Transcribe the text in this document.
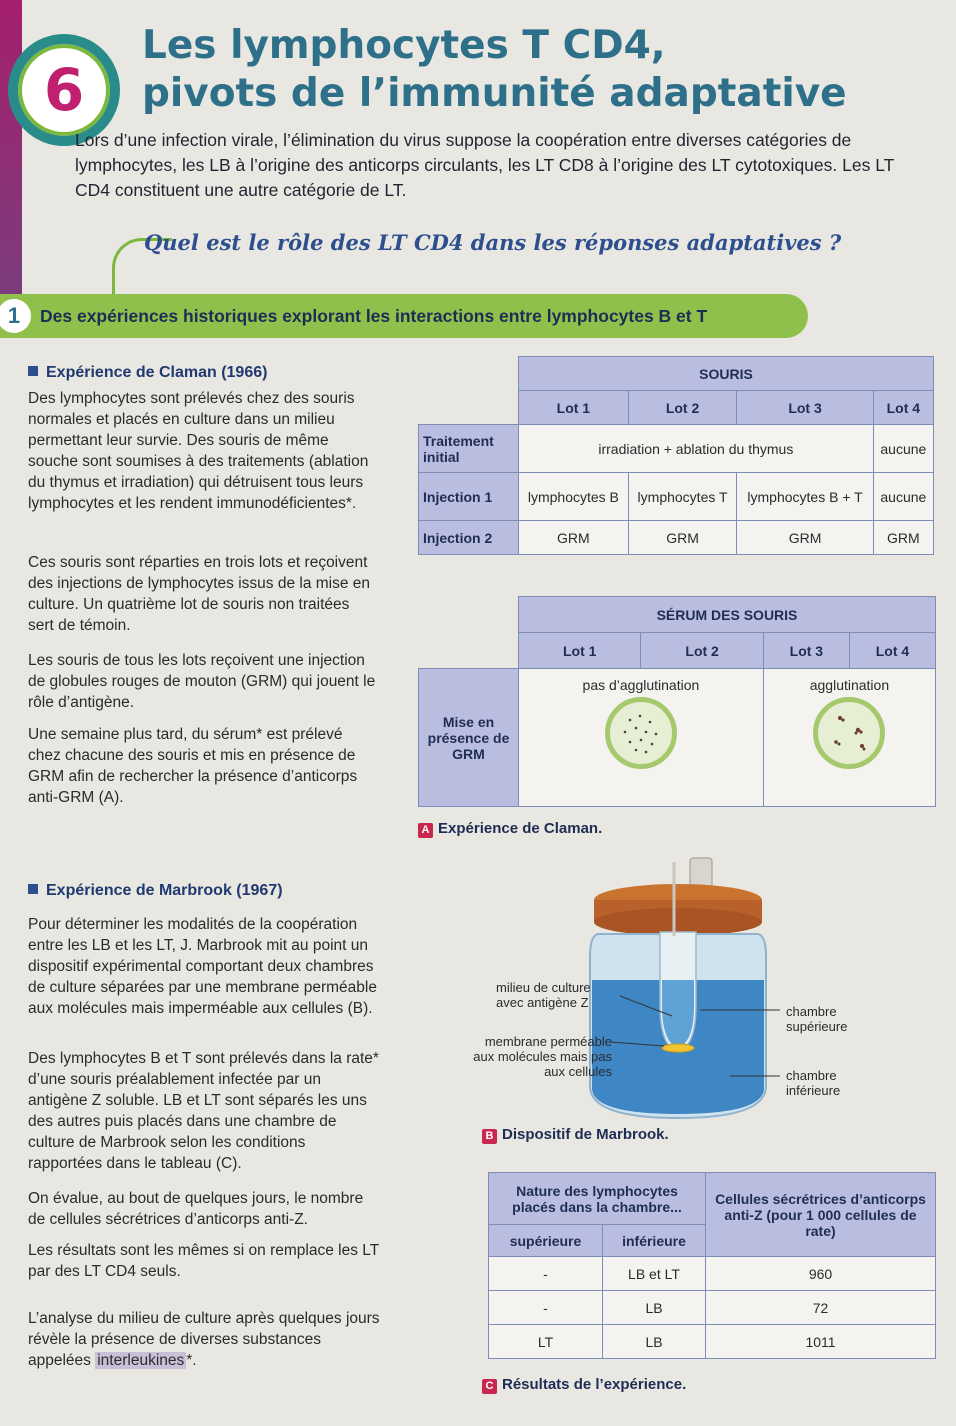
6
Les lymphocytes T CD4,
pivots de l’immunité adaptative

Lors d’une infection virale, l’élimination du virus suppose la coopération entre diverses catégories de lymphocytes, les LB à l’origine des anticorps circulants, les LT CD8 à l’origine des LT cytotoxiques. Les LT CD4 constituent une autre catégorie de LT.

Quel est le rôle des LT CD4 dans les réponses adaptatives ?
1	Des expériences historiques explorant les interactions entre lymphocytes B et T
Expérience de Claman (1966)

Des lymphocytes sont prélevés chez des souris normales et placés en culture dans un milieu permettant leur survie. Des souris de même souche sont soumises à des traitements (ablation du thymus et irradiation) qui détruisent tous leurs lymphocytes et les rendent immunodéficientes*.

Ces souris sont réparties en trois lots et reçoivent des injections de lymphocytes issus de la mise en culture. Un quatrième lot de souris non traitées sert de témoin.

Les souris de tous les lots reçoivent une injection de globules rouges de mouton (GRM) qui jouent le rôle d’antigène.

Une semaine plus tard, du sérum* est prélevé chez chacune des souris et mis en présence de GRM afin de rechercher la présence d’anticorps anti-GRM (A).

	SOURIS			
	Lot 1	Lot 2	Lot 3	Lot 4
Traitement initial	irradiation + ablation du thymus			aucune
Injection 1	lymphocytes B	lymphocytes T	lymphocytes B + T	aucune
Injection 2	GRM	GRM	GRM	GRM
	SÉRUM DES SOURIS			
	Lot 1	Lot 2	Lot 3	Lot 4
Mise en présence de GRM	pas d’agglutination		agglutination	
A Expérience de Claman.
Expérience de Marbrook (1967)

Pour déterminer les modalités de la coopération entre les LB et les LT, J. Marbrook mit au point un dispositif expérimental comportant deux chambres de culture séparées par une membrane perméable aux molécules mais imperméable aux cellules (B).

Des lymphocytes B et T sont prélevés dans la rate* d’une souris préalablement infectée par un antigène Z soluble. LB et LT sont séparés les uns des autres puis placés dans une chambre de culture de Marbrook selon les conditions rapportées dans le tableau (C).

On évalue, au bout de quelques jours, le nombre de cellules sécrétrices d’anticorps anti-Z.

Les résultats sont les mêmes si on remplace les LT par des LT CD4 seuls.

L’analyse du milieu de culture après quelques jours révèle la présence de diverses substances appelées interleukines *.

milieu de culture avec antigène Z
membrane perméable aux molécules mais pas aux cellules
chambre supérieure
chambre inférieure
B Dispositif de Marbrook.
Nature des lymphocytes placés dans la chambre...		Cellules sécrétrices d’anticorps anti-Z (pour 1 000 cellules de rate)
supérieure	inférieure	
-	LB et LT	960
-	LB	72
LT	LB	1011
C Résultats de l’expérience.
